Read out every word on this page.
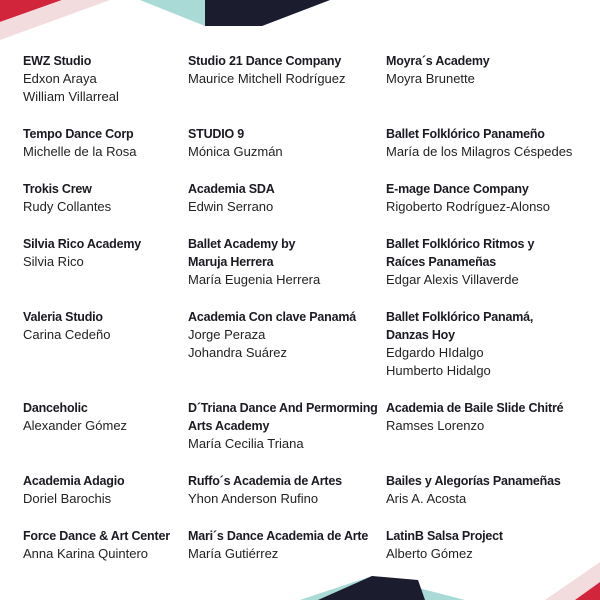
EWZ Studio
Edxon Araya
William Villarreal
Tempo Dance Corp
Michelle de la Rosa
Trokis Crew
Rudy Collantes
Silvia Rico Academy
Silvia Rico
Valeria Studio
Carina Cedeño
Danceholic
Alexander Gómez
Academia Adagio
Doriel Barochis
Force Dance & Art Center
Anna Karina Quintero
Studio 21 Dance Company
Maurice Mitchell Rodríguez
STUDIO 9
Mónica Guzmán
Academia SDA
Edwin Serrano
Ballet Academy by
Maruja Herrera
María Eugenia Herrera
Academia Con clave Panamá
Jorge Peraza
Johandra Suárez
D´Triana Dance And Permorming
Arts Academy
María Cecilia Triana
Ruffo´s Academia de Artes
Yhon Anderson Rufino
Mari´s Dance Academia de Arte
María Gutiérrez
Moyra´s Academy
Moyra Brunette
Ballet Folklórico Panameño
María de los Milagros Céspedes
E-mage Dance Company
Rigoberto Rodríguez-Alonso
Ballet Folklórico Ritmos y
Raíces Panameñas
Edgar Alexis Villaverde
Ballet Folklórico Panamá,
Danzas Hoy
Edgardo HIdalgo
Humberto Hidalgo
Academia de Baile Slide Chitré
Ramses Lorenzo
Bailes y Alegorías Panameñas
Aris A. Acosta
LatinB Salsa Project
Alberto Gómez
